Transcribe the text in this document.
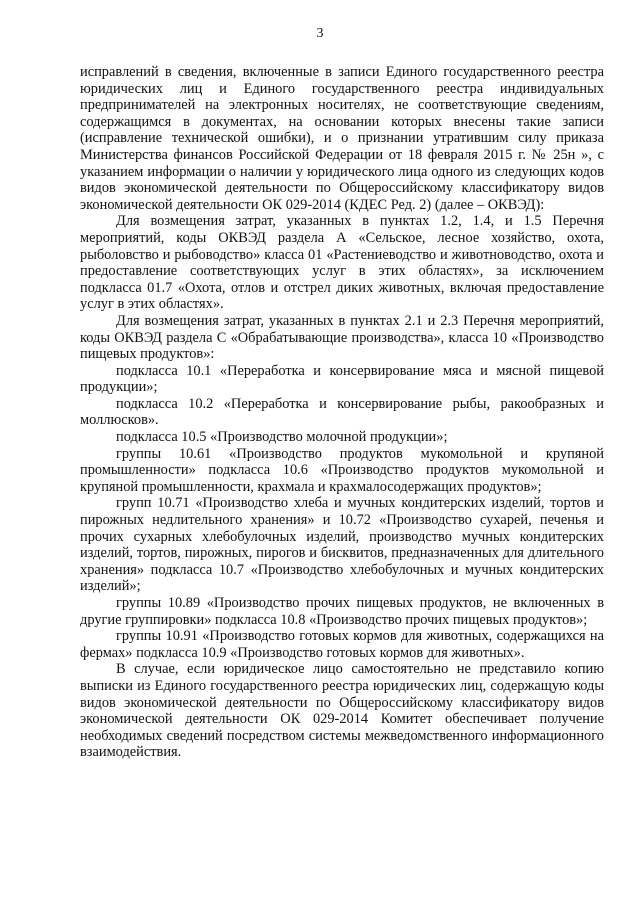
3

исправлений в сведения, включенные в записи Единого государственного реестра юридических лиц и Единого государственного реестра индивидуальных предпринимателей на электронных носителях, не соответствующие сведениям, содержащимся в документах, на основании которых внесены такие записи (исправление технической ошибки), и о признании утратившим силу приказа Министерства финансов Российской Федерации от 18 февраля 2015 г. № 25н », с указанием информации о наличии у юридического лица одного из следующих кодов видов экономической деятельности по Общероссийскому классификатору видов экономической деятельности ОК 029-2014 (КДЕС Ред. 2) (далее – ОКВЭД):

Для возмещения затрат, указанных в пунктах 1.2, 1.4, и 1.5 Перечня мероприятий, коды ОКВЭД раздела А «Сельское, лесное хозяйство, охота, рыболовство и рыбоводство» класса 01 «Растениеводство и животноводство, охота и предоставление соответствующих услуг в этих областях», за исключением подкласса 01.7 «Охота, отлов и отстрел диких животных, включая предоставление услуг в этих областях».

Для возмещения затрат, указанных в пунктах 2.1 и 2.3 Перечня мероприятий, коды ОКВЭД раздела С «Обрабатывающие производства», класса 10 «Производство пищевых продуктов»:

подкласса 10.1 «Переработка и консервирование мяса и мясной пищевой продукции»;

подкласса 10.2 «Переработка и консервирование рыбы, ракообразных и моллюсков».

подкласса 10.5 «Производство молочной продукции»;

группы 10.61 «Производство продуктов мукомольной и крупяной промышленности» подкласса 10.6 «Производство продуктов мукомольной и крупяной промышленности, крахмала и крахмалосодержащих продуктов»;

групп 10.71 «Производство хлеба и мучных кондитерских изделий, тортов и пирожных недлительного хранения» и 10.72 «Производство сухарей, печенья и прочих сухарных хлебобулочных изделий, производство мучных кондитерских изделий, тортов, пирожных, пирогов и бисквитов, предназначенных для длительного хранения» подкласса 10.7 «Производство хлебобулочных и мучных кондитерских изделий»;

группы 10.89 «Производство прочих пищевых продуктов, не включенных в другие группировки» подкласса 10.8 «Производство прочих пищевых продуктов»;

группы 10.91 «Производство готовых кормов для животных, содержащихся на фермах» подкласса 10.9 «Производство готовых кормов для животных».

В случае, если юридическое лицо самостоятельно не представило копию выписки из Единого государственного реестра юридических лиц, содержащую коды видов экономической деятельности по Общероссийскому классификатору видов экономической деятельности ОК 029-2014 Комитет обеспечивает получение необходимых сведений посредством системы межведомственного информационного взаимодействия.
